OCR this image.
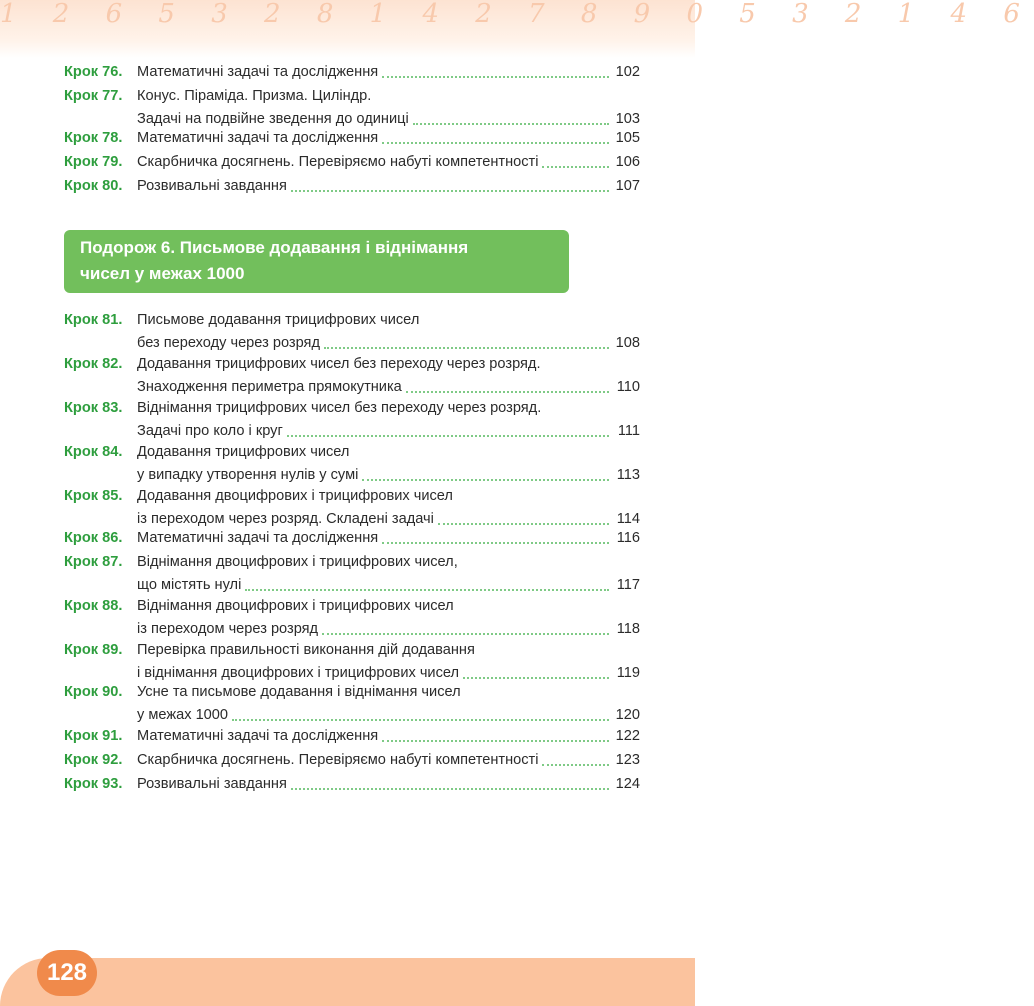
1 2 6 5 3 2 8 1 4 2 7 8 9 0 5 3 2 1 4 6
Крок 76.	Математичні задачі та дослідження	102
Крок 77.	Конус. Піраміда. Призма. Циліндр.
Задачі на подвійне зведення до одиниці	103
Крок 78.	Математичні задачі та дослідження	105
Крок 79.	Скарбничка досягнень. Перевіряємо набуті компетентності	106
Крок 80.	Розвивальні завдання	107
Подорож 6. Письмове додавання і віднімання
чисел у межах 1000
Крок 81.	Письмове додавання трицифрових чисел
без переходу через розряд	108
Крок 82.	Додавання трицифрових чисел без переходу через розряд.
Знаходження периметра прямокутника	110
Крок 83.	Віднімання трицифрових чисел без переходу через розряд.
Задачі про коло і круг	111
Крок 84.	Додавання трицифрових чисел
у випадку утворення нулів у сумі	113
Крок 85.	Додавання двоцифрових і трицифрових чисел
із переходом через розряд. Складені задачі	114
Крок 86.	Математичні задачі та дослідження	116
Крок 87.	Віднімання двоцифрових і трицифрових чисел,
що містять нулі	117
Крок 88.	Віднімання двоцифрових і трицифрових чисел
із переходом через розряд	118
Крок 89.	Перевірка правильності виконання дій додавання
і віднімання двоцифрових і трицифрових чисел	119
Крок 90.	Усне та письмове додавання і віднімання чисел
у межах 1000	120
Крок 91.	Математичні задачі та дослідження	122
Крок 92.	Скарбничка досягнень. Перевіряємо набуті компетентності	123
Крок 93.	Розвивальні завдання	124
128
